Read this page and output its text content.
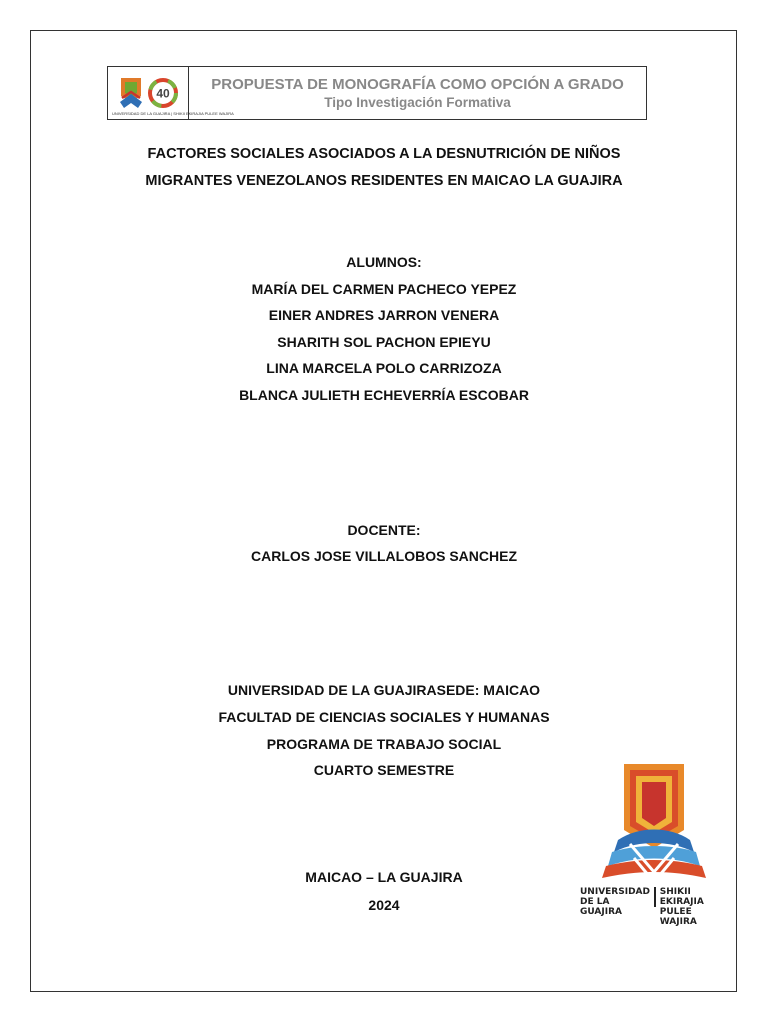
40
UNIVERSIDAD DE LA GUAJIRA | SHIKII EKIRAJIA PULEE WAJIRA
PROPUESTA DE MONOGRAFÍA COMO OPCIÓN A GRADO
Tipo Investigación Formativa
FACTORES SOCIALES ASOCIADOS A LA DESNUTRICIÓN DE NIÑOS
MIGRANTES VENEZOLANOS RESIDENTES EN MAICAO LA GUAJIRA
ALUMNOS:
MARÍA DEL CARMEN PACHECO YEPEZ
EINER ANDRES JARRON VENERA
SHARITH SOL PACHON EPIEYU
LINA MARCELA POLO CARRIZOZA
BLANCA JULIETH ECHEVERRÍA ESCOBAR
DOCENTE:
CARLOS JOSE VILLALOBOS SANCHEZ
UNIVERSIDAD DE LA GUAJIRASEDE: MAICAO
FACULTAD DE CIENCIAS SOCIALES Y HUMANAS
PROGRAMA DE TRABAJO SOCIAL
CUARTO SEMESTRE
MAICAO – LA GUAJIRA
2024
UNIVERSIDAD
DE LA GUAJIRA
SHIKII EKIRAJIA
PULEE WAJIRA
